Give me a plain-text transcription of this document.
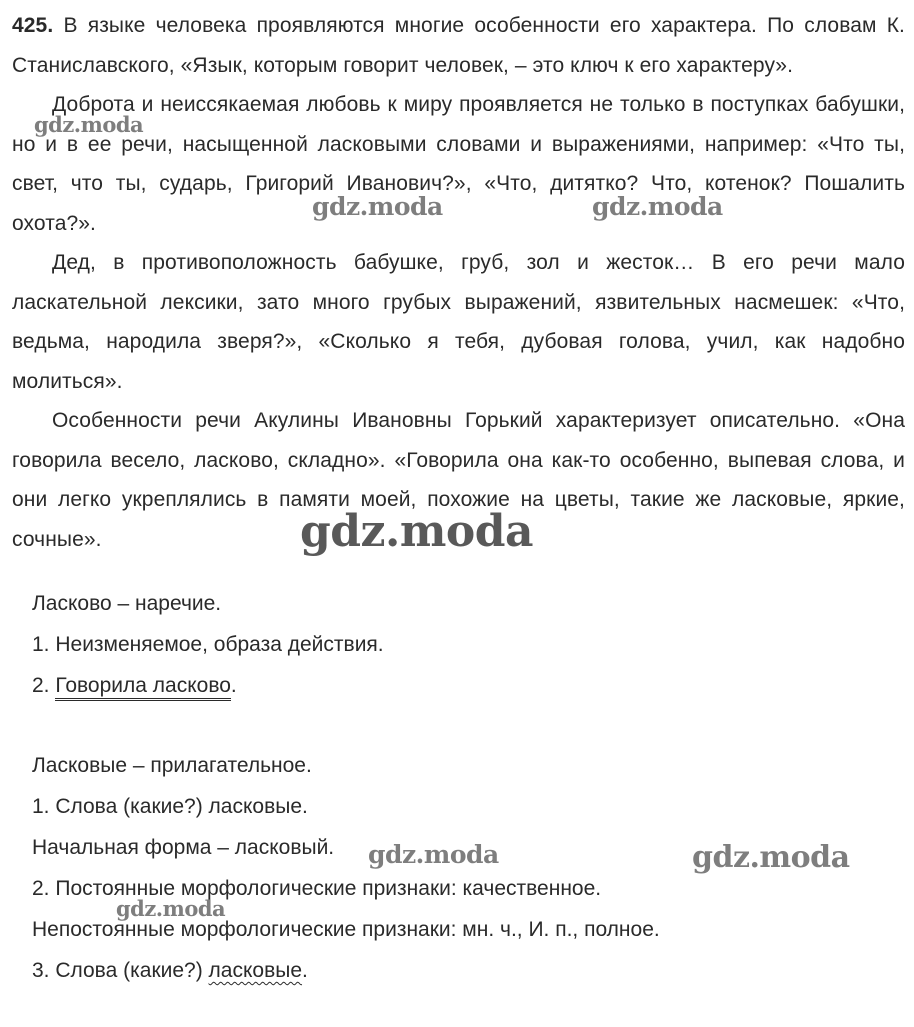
425. В языке человека проявляются многие особенности его характера. По словам К. Станиславского, «Язык, которым говорит человек, – это ключ к его характеру».

Доброта и неиссякаемая любовь к миру проявляется не только в поступках бабушки, но и в ее речи, насыщенной ласковыми словами и выражениями, например: «Что ты, свет, что ты, сударь, Григорий Иванович?», «Что, дитятко? Что, котенок? Пошалить охота?».

Дед, в противоположность бабушке, груб, зол и жесток… В его речи мало ласкательной лексики, зато много грубых выражений, язвительных насмешек: «Что, ведьма, народила зверя?», «Сколько я тебя, дубовая голова, учил, как надобно молиться».

Особенности речи Акулины Ивановны Горький характеризует описательно. «Она говорила весело, ласково, складно». «Говорила она как-то особенно, выпевая слова, и они легко укреплялись в памяти моей, похожие на цветы, такие же ласковые, яркие, сочные».

Ласково – наречие.
1. Неизменяемое, образа действия.
2. Говорила ласково.
Ласковые – прилагательное.
1. Слова (какие?) ласковые.
Начальная форма – ласковый.
2. Постоянные морфологические признаки: качественное.
Непостоянные морфологические признаки: мн. ч., И. п., полное.
3. Слова (какие?) ласковые.
gdz.moda
gdz.moda	gdz.moda
gdz.moda
gdz.moda	gdz.moda
gdz.moda
